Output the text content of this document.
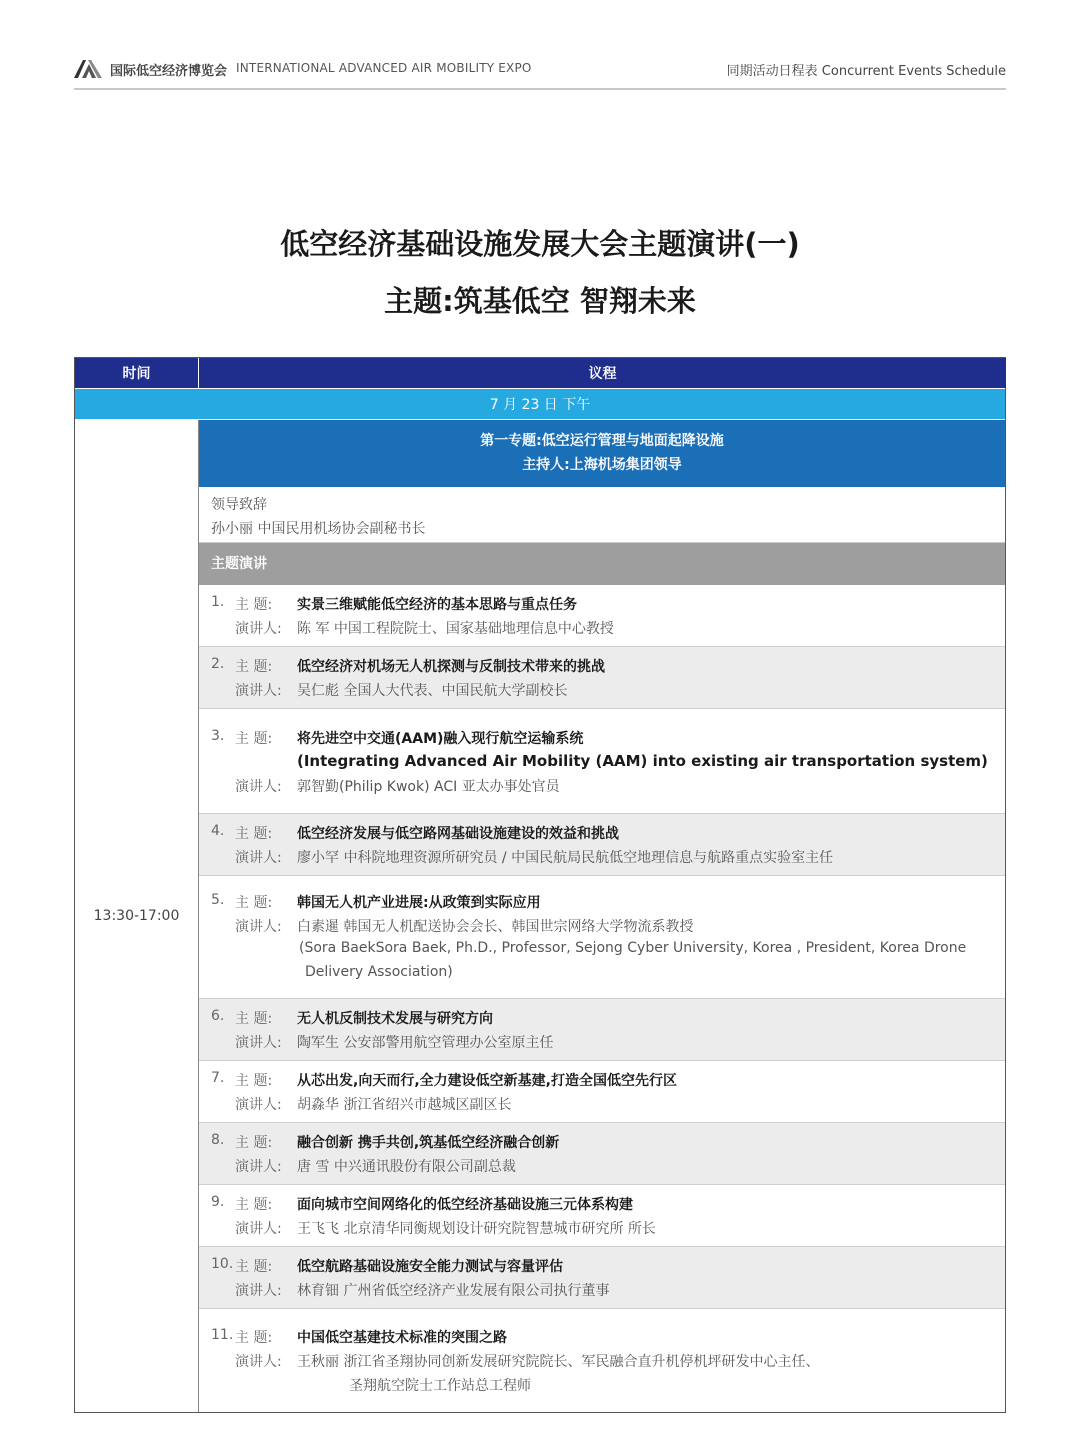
国际低空经济博览会 INTERNATIONAL ADVANCED AIR MOBILITY EXPO	同期活动日程表 Concurrent Events Schedule
低空经济基础设施发展大会主题演讲(一)
主题:筑基低空 智翔未来
时间	议程
7 月 23 日 下午
13:30-17:00
第一专题:低空运行管理与地面起降设施
主持人:上海机场集团领导
领导致辞
孙小丽 中国民用机场协会副秘书长
主题演讲
1. 主 题: 实景三维赋能低空经济的基本思路与重点任务
演讲人: 陈 军 中国工程院院士、国家基础地理信息中心教授
2. 主 题: 低空经济对机场无人机探测与反制技术带来的挑战
演讲人: 吴仁彪 全国人大代表、中国民航大学副校长
3. 主 题: 将先进空中交通(AAM)融入现行航空运输系统
(Integrating Advanced Air Mobility (AAM) into existing air transportation system)
演讲人: 郭智勤(Philip Kwok) ACI 亚太办事处官员
4. 主 题: 低空经济发展与低空路网基础设施建设的效益和挑战
演讲人: 廖小罕 中科院地理资源所研究员 / 中国民航局民航低空地理信息与航路重点实验室主任
5. 主 题: 韩国无人机产业进展:从政策到实际应用
演讲人: 白素暹 韩国无人机配送协会会长、韩国世宗网络大学物流系教授
(Sora BaekSora Baek, Ph.D., Professor, Sejong Cyber University, Korea , President, Korea Drone
Delivery Association)
6. 主 题: 无人机反制技术发展与研究方向
演讲人: 陶军生 公安部警用航空管理办公室原主任
7. 主 题: 从芯出发,向天而行,全力建设低空新基建,打造全国低空先行区
演讲人: 胡淼华 浙江省绍兴市越城区副区长
8. 主 题: 融合创新 携手共创,筑基低空经济融合创新
演讲人: 唐 雪 中兴通讯股份有限公司副总裁
9. 主 题: 面向城市空间网络化的低空经济基础设施三元体系构建
演讲人: 王飞飞 北京清华同衡规划设计研究院智慧城市研究所 所长
10. 主 题: 低空航路基础设施安全能力测试与容量评估
演讲人: 林育钿 广州省低空经济产业发展有限公司执行董事
11. 主 题: 中国低空基建技术标准的突围之路
演讲人: 王秋丽 浙江省圣翔协同创新发展研究院院长、军民融合直升机停机坪研发中心主任、
圣翔航空院士工作站总工程师
